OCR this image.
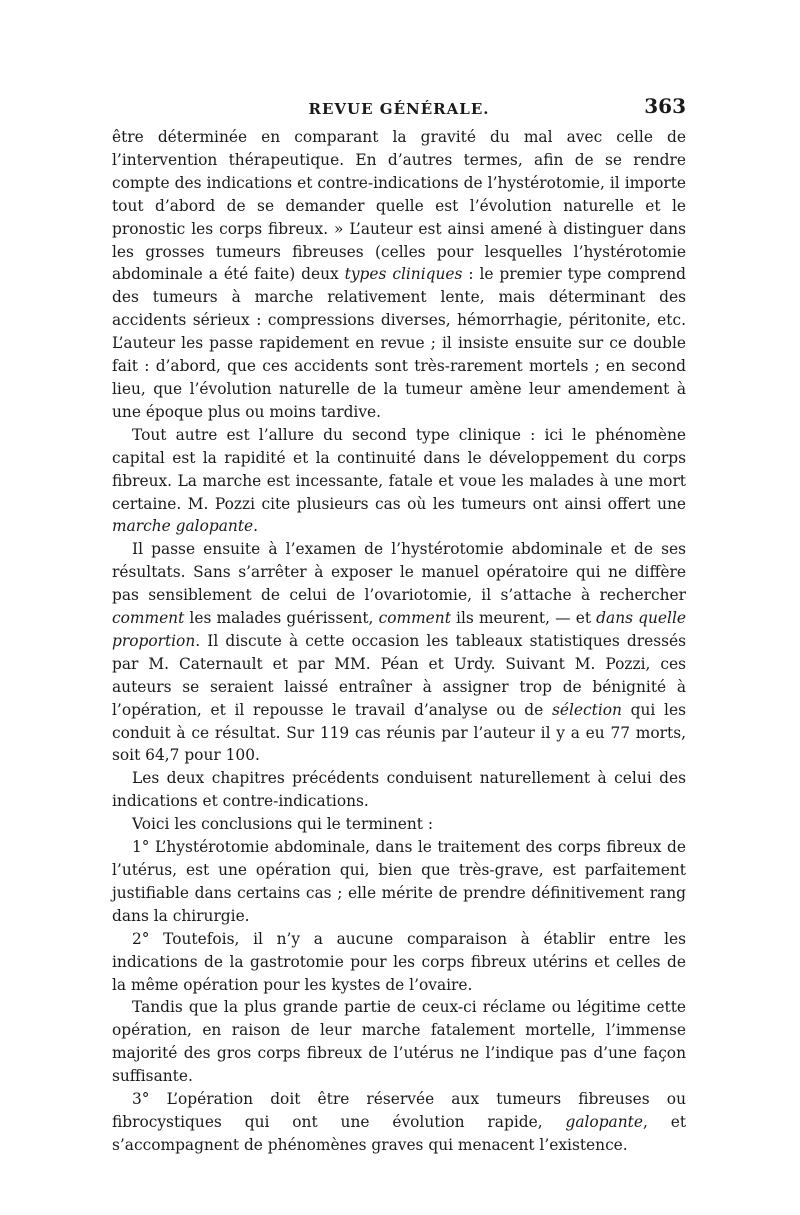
REVUE GÉNÉRALE.	363

être déterminée en comparant la gravité du mal avec celle de l’intervention thérapeutique. En d’autres termes, afin de se rendre compte des indications et contre-indications de l’hystérotomie, il importe tout d’abord de se demander quelle est l’évolution naturelle et le pronostic les corps fibreux. » L’auteur est ainsi amené à distinguer dans les grosses tumeurs fibreuses (celles pour lesquelles l’hystérotomie abdominale a été faite) deux types cliniques : le premier type comprend des tumeurs à marche relativement lente, mais déterminant des accidents sérieux : compressions diverses, hémorrhagie, péritonite, etc. L’auteur les passe rapidement en revue ; il insiste ensuite sur ce double fait : d’abord, que ces accidents sont très-rarement mortels ; en second lieu, que l’évolution naturelle de la tumeur amène leur amendement à une époque plus ou moins tardive.

Tout autre est l’allure du second type clinique : ici le phénomène capital est la rapidité et la continuité dans le développement du corps fibreux. La marche est incessante, fatale et voue les malades à une mort certaine. M. Pozzi cite plusieurs cas où les tumeurs ont ainsi offert une marche galopante.

Il passe ensuite à l’examen de l’hystérotomie abdominale et de ses résultats. Sans s’arrêter à exposer le manuel opératoire qui ne diffère pas sensiblement de celui de l’ovariotomie, il s’attache à rechercher comment les malades guérissent, comment ils meurent, — et dans quelle proportion. Il discute à cette occasion les tableaux statistiques dressés par M. Caternault et par MM. Péan et Urdy. Suivant M. Pozzi, ces auteurs se seraient laissé entraîner à assigner trop de bénignité à l’opération, et il repousse le travail d’analyse ou de sélection qui les conduit à ce résultat. Sur 119 cas réunis par l’auteur il y a eu 77 morts, soit 64,7 pour 100.

Les deux chapitres précédents conduisent naturellement à celui des indications et contre-indications.

Voici les conclusions qui le terminent :

1° L’hystérotomie abdominale, dans le traitement des corps fibreux de l’utérus, est une opération qui, bien que très-grave, est parfaitement justifiable dans certains cas ; elle mérite de prendre définitivement rang dans la chirurgie.

2° Toutefois, il n’y a aucune comparaison à établir entre les indications de la gastrotomie pour les corps fibreux utérins et celles de la même opération pour les kystes de l’ovaire.

Tandis que la plus grande partie de ceux-ci réclame ou légitime cette opération, en raison de leur marche fatalement mortelle, l’immense majorité des gros corps fibreux de l’utérus ne l’indique pas d’une façon suffisante.

3° L’opération doit être réservée aux tumeurs fibreuses ou fibrocystiques qui ont une évolution rapide, galopante, et s’accompagnent de phénomènes graves qui menacent l’existence.
